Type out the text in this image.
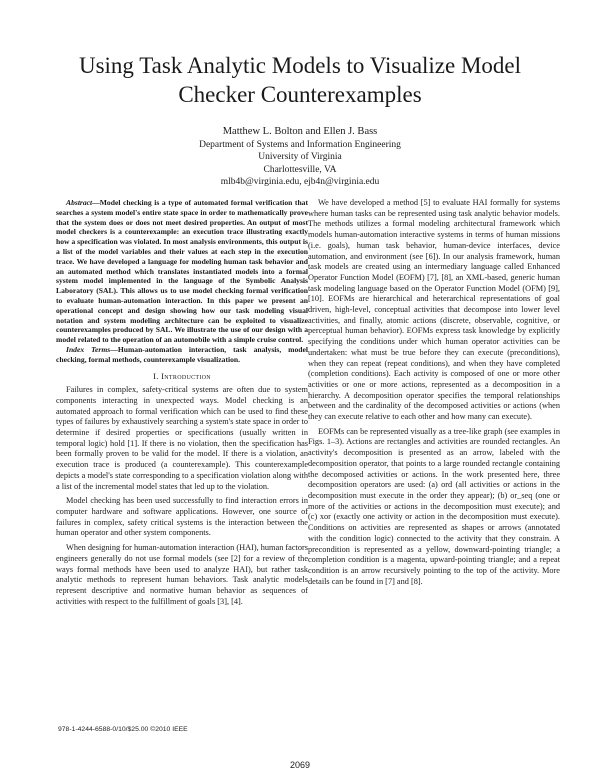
Using Task Analytic Models to Visualize Model
Checker Counterexamples
Matthew L. Bolton and Ellen J. Bass
Department of Systems and Information Engineering
University of Virginia
Charlottesville, VA
mlb4b@virginia.edu, ejb4n@virginia.edu

Abstract—Model checking is a type of automated formal verification that searches a system model's entire state space in order to mathematically prove that the system does or does not meet desired properties. An output of most model checkers is a counterexample: an execution trace illustrating exactly how a specification was violated. In most analysis environments, this output is a list of the model variables and their values at each step in the execution trace. We have developed a language for modeling human task behavior and an automated method which translates instantiated models into a formal system model implemented in the language of the Symbolic Analysis Laboratory (SAL). This allows us to use model checking formal verification to evaluate human-automation interaction. In this paper we present an operational concept and design showing how our task modeling visual notation and system modeling architecture can be exploited to visualize counterexamples produced by SAL. We illustrate the use of our design with a model related to the operation of an automobile with a simple cruise control.

Index Terms—Human-automation interaction, task analysis, model checking, formal methods, counterexample visualization.

I. Introduction

Failures in complex, safety-critical systems are often due to system components interacting in unexpected ways. Model checking is an automated approach to formal verification which can be used to find these types of failures by exhaustively searching a system's state space in order to determine if desired properties or specifications (usually written in temporal logic) hold [1]. If there is no violation, then the specification has been formally proven to be valid for the model. If there is a violation, an execution trace is produced (a counterexample). This counterexample depicts a model's state corresponding to a specification violation along with a list of the incremental model states that led up to the violation.

Model checking has been used successfully to find interaction errors in computer hardware and software applications. However, one source of failures in complex, safety critical systems is the interaction between the human operator and other system components.

When designing for human-automation interaction (HAI), human factors engineers generally do not use formal models (see [2] for a review of the ways formal methods have been used to analyze HAI), but rather task analytic methods to represent human behaviors. Task analytic models represent descriptive and normative human behavior as sequences of activities with respect to the fulfillment of goals [3], [4].

We have developed a method [5] to evaluate HAI formally for systems where human tasks can be represented using task analytic behavior models. The methods utilizes a formal modeling architectural framework which models human-automation interactive systems in terms of human missions (i.e. goals), human task behavior, human-device interfaces, device automation, and environment (see [6]). In our analysis framework, human task models are created using an intermediary language called Enhanced Operator Function Model (EOFM) [7], [8], an XML-based, generic human task modeling language based on the Operator Function Model (OFM) [9], [10]. EOFMs are hierarchical and heterarchical representations of goal driven, high-level, conceptual activities that decompose into lower level activities, and finally, atomic actions (discrete, observable, cognitive, or perceptual human behavior). EOFMs express task knowledge by explicitly specifying the conditions under which human operator activities can be undertaken: what must be true before they can execute (preconditions), when they can repeat (repeat conditions), and when they have completed (completion conditions). Each activity is composed of one or more other activities or one or more actions, represented as a decomposition in a hierarchy. A decomposition operator specifies the temporal relationships between and the cardinality of the decomposed activities or actions (when they can execute relative to each other and how many can execute).

EOFMs can be represented visually as a tree-like graph (see examples in Figs. 1–3). Actions are rectangles and activities are rounded rectangles. An activity's decomposition is presented as an arrow, labeled with the decomposition operator, that points to a large rounded rectangle containing the decomposed activities or actions. In the work presented here, three decomposition operators are used: (a) ord (all activities or actions in the decomposition must execute in the order they appear); (b) or_seq (one or more of the activities or actions in the decomposition must execute); and (c) xor (exactly one activity or action in the decomposition must execute). Conditions on activities are represented as shapes or arrows (annotated with the condition logic) connected to the activity that they constrain. A precondition is represented as a yellow, downward-pointing triangle; a completion condition is a magenta, upward-pointing triangle; and a repeat condition is an arrow recursively pointing to the top of the activity. More details can be found in [7] and [8].

978-1-4244-6588-0/10/$25.00 ©2010 IEEE
2069
